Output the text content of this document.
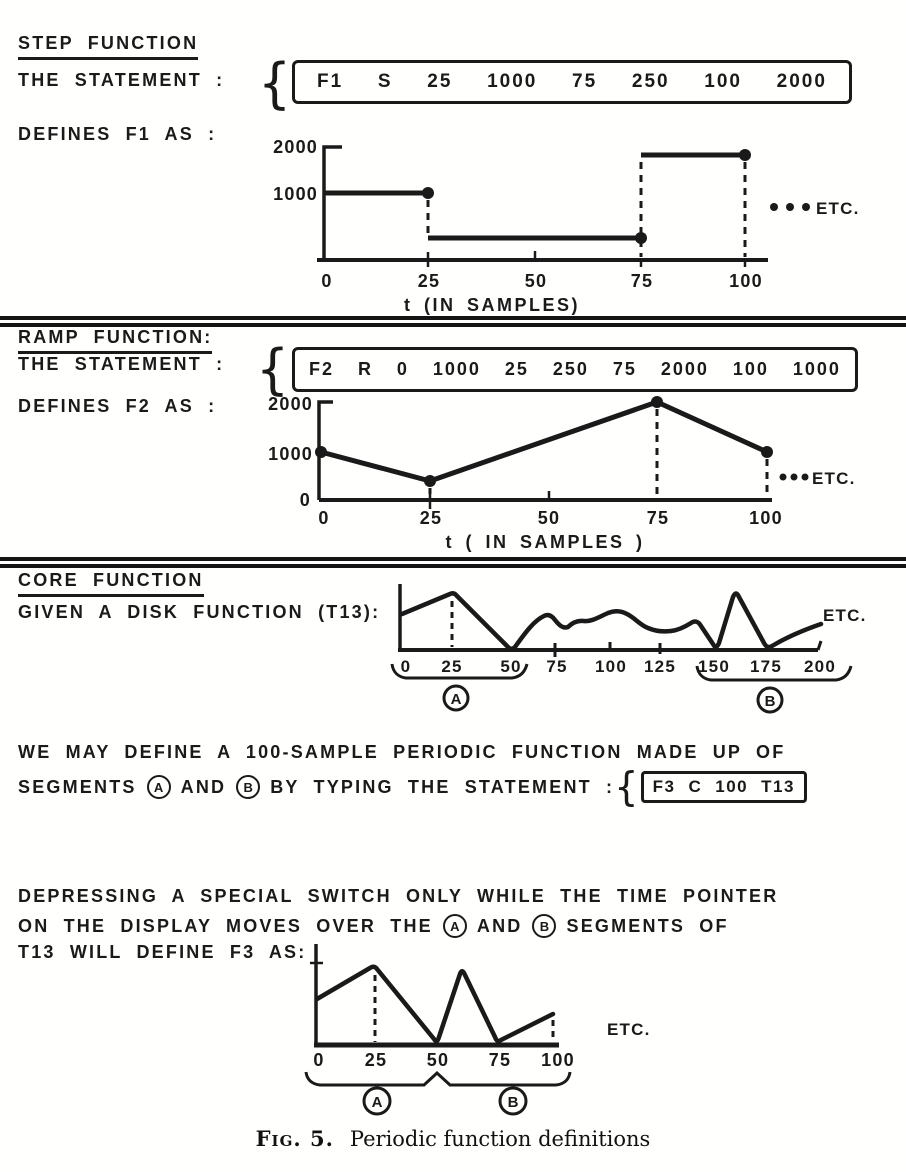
STEP FUNCTION
THE STATEMENT : { F1 S 25 1000 75 250 100 2000
DEFINES F1 AS :
2000
1000
0	25	50	75	100
t (IN SAMPLES)
ETC.
RAMP FUNCTION:
THE STATEMENT : { F2 R 0 1000 25 250 75 2000 100 1000
DEFINES F2 AS :	2000
1000
0
0	25	50	75	100
t ( IN SAMPLES )
ETC.
CORE FUNCTION
GIVEN A DISK FUNCTION (T13):
0 25 50 75 100 125 150 175 200
A	B
ETC.
WE MAY DEFINE A 100-SAMPLE PERIODIC FUNCTION MADE UP OF
SEGMENTS	A AND	B BY TYPING THE STATEMENT : { F3 C 100 T13
DEPRESSING A SPECIAL SWITCH ONLY WHILE THE TIME POINTER
ON THE DISPLAY MOVES OVER THE	A AND	B SEGMENTS OF
T13 WILL DEFINE F3 AS:
0 25 50 75 100
A	B
ETC.
Fig. 5. Periodic function definitions
